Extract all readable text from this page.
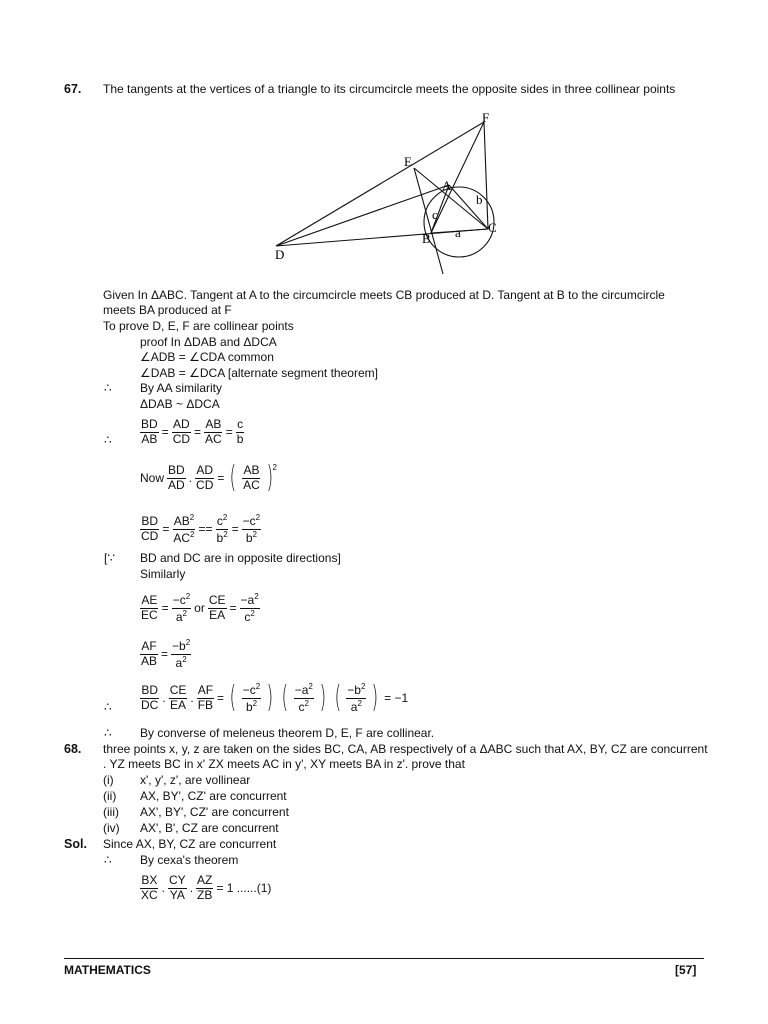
67. The tangents at the vertices of a triangle to its circumcircle meets the opposite sides in three collinear points
F
E
A
b
c
C
a
B
D
Given In ΔABC. Tangent at A to the circumcircle meets CB produced at D. Tangent at B to the circumcircle
meets BA produced at F
To prove D, E, F are collinear points
proof In ΔDAB and ΔDCA
∠ADB = ∠CDA common
∠DAB = ∠DCA [alternate segment theorem]
∴ By AA similarity
ΔDAB ~ ΔDCA
∴ $\frac{BD}{AB} = \frac{AD}{CD} = \frac{AB}{AC} = \frac{c}{b}$
Now $\frac{BD}{AD}$ . $\frac{AD}{CD}$ = ( $\frac{AB}{AC} )^2$
$\frac{BD}{CD} = \frac{AB^2}{AC^2} == \frac{c^2}{b^2} = \frac{-c^2}{b^2}$
[∵ BD and DC are in opposite directions]
Similarly
$\frac{AE}{EC} = \frac{-c^2}{a^2}$ or $\frac{CE}{EA} = \frac{-a^2}{c^2}$
$\frac{AF}{AB} = \frac{-b^2}{a^2}$
∴ $\frac{BD}{DC}$ . $\frac{CE}{EA}$ . $\frac{AF}{FB}$ = ( $\frac{-c^2}{b^2}$ ) ( $\frac{-a^2}{c^2}$ ) ( $\frac{-b^2}{a^2}$ ) = −1
∴ By converse of meleneus theorem D, E, F are collinear.
68. three points x, y, z are taken on the sides BC, CA, AB respectively of a ΔABC such that AX, BY, CZ are concurrent
. YZ meets BC in x' ZX meets AC in y', XY meets BA in z'. prove that
(i) x', y', z', are vollinear
(ii) AX, BY', CZ' are concurrent
(iii) AX', BY', CZ' are concurrent
(iv) AX', B', CZ are concurrent
Sol. Since AX, BY, CZ are concurrent
∴ By cexa's theorem
$\frac{BX}{XC}$ . $\frac{CY}{YA}$ . $\frac{AZ}{ZB} = 1$ ......(1)
MATHEMATICS	[57]
